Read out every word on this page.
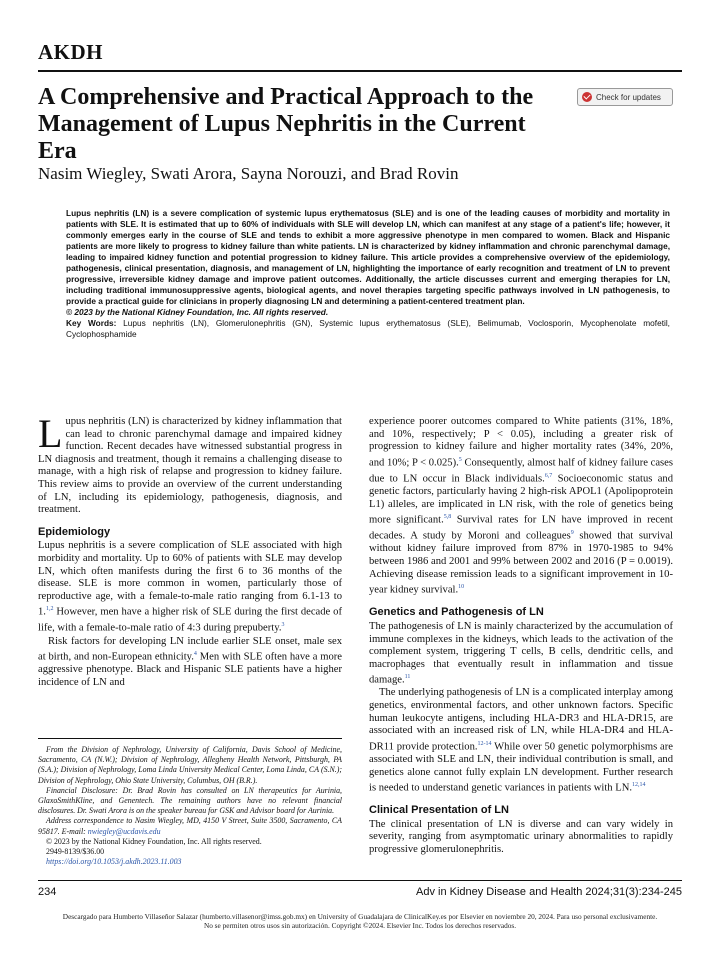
AKDH
A Comprehensive and Practical Approach to the Management of Lupus Nephritis in the Current Era
Check for updates
Nasim Wiegley, Swati Arora, Sayna Norouzi, and Brad Rovin

Lupus nephritis (LN) is a severe complication of systemic lupus erythematosus (SLE) and is one of the leading causes of morbidity and mortality in patients with SLE. It is estimated that up to 60% of individuals with SLE will develop LN, which can manifest at any stage of a patient's life; however, it commonly emerges early in the course of SLE and tends to exhibit a more aggressive phenotype in men compared to women. Black and Hispanic patients are more likely to progress to kidney failure than white patients. LN is characterized by kidney inflammation and chronic parenchymal damage, leading to impaired kidney function and potential progression to kidney failure. This article provides a comprehensive overview of the epidemiology, pathogenesis, clinical presentation, diagnosis, and management of LN, highlighting the importance of early recognition and treatment of LN to prevent progressive, irreversible kidney damage and improve patient outcomes. Additionally, the article discusses current and emerging therapies for LN, including traditional immunosuppressive agents, biological agents, and novel therapies targeting specific pathways involved in LN pathogenesis, to provide a practical guide for clinicians in properly diagnosing LN and determining a patient-centered treatment plan.

© 2023 by the National Kidney Foundation, Inc. All rights reserved.

Key Words: Lupus nephritis (LN), Glomerulonephritis (GN), Systemic lupus erythematosus (SLE), Belimumab, Voclosporin, Mycophenolate mofetil, Cyclophosphamide

Lupus nephritis (LN) is characterized by kidney inflammation that can lead to chronic parenchymal damage and impaired kidney function. Recent decades have witnessed substantial progress in LN diagnosis and treatment, though it remains a challenging disease to manage, with a high risk of relapse and progression to kidney failure. This review aims to provide an overview of the current understanding of LN, including its epidemiology, pathogenesis, diagnosis, and treatment.

Epidemiology

Lupus nephritis is a severe complication of SLE associated with high morbidity and mortality. Up to 60% of patients with SLE may develop LN, which often manifests during the first 6 to 36 months of the disease. SLE is more common in women, particularly those of reproductive age, with a female-to-male ratio ranging from 6.1-13 to 1.$^{1,2}$ However, men have a higher risk of SLE during the first decade of life, with a female-to-male ratio of 4:3 during prepuberty.$^3$

Risk factors for developing LN include earlier SLE onset, male sex at birth, and non-European ethnicity.$^4$ Men with SLE often have a more aggressive phenotype. Black and Hispanic SLE patients have a higher incidence of LN and

From the Division of Nephrology, University of California, Davis School of Medicine, Sacramento, CA (N.W.); Division of Nephrology, Allegheny Health Network, Pittsburgh, PA (S.A.); Division of Nephrology, Loma Linda University Medical Center, Loma Linda, CA (S.N.); Division of Nephrology, Ohio State University, Columbus, OH (B.R.).

Financial Disclosure: Dr. Brad Rovin has consulted on LN therapeutics for Aurinia, GlaxoSmithKline, and Genentech. The remaining authors have no relevant financial disclosures. Dr. Swati Arora is on the speaker bureau for GSK and Advisor board for Aurinia.

Address correspondence to Nasim Wiegley, MD, 4150 V Street, Suite 3500, Sacramento, CA 95817. E-mail: nwiegley@ucdavis.edu

© 2023 by the National Kidney Foundation, Inc. All rights reserved.

2949-8139/$36.00

https://doi.org/10.1053/j.akdh.2023.11.003

experience poorer outcomes compared to White patients (31%, 18%, and 10%, respectively; P < 0.05), including a greater risk of progression to kidney failure and higher mortality rates (34%, 20%, and 10%; P < 0.025).$^5$ Consequently, almost half of kidney failure cases due to LN occur in Black individuals.$^{6,7}$ Socioeconomic status and genetic factors, particularly having 2 high-risk APOL1 (Apolipoprotein L1) alleles, are implicated in LN risk, with the role of genetics being more significant.$^{5,8}$ Survival rates for LN have improved in recent decades. A study by Moroni and colleagues$^9$ showed that survival without kidney failure improved from 87% in 1970-1985 to 94% between 1986 and 2001 and 99% between 2002 and 2016 (P = 0.0019). Achieving disease remission leads to a significant improvement in 10-year kidney survival.$^{10}$

Genetics and Pathogenesis of LN

The pathogenesis of LN is mainly characterized by the accumulation of immune complexes in the kidneys, which leads to the activation of the complement system, triggering T cells, B cells, dendritic cells, and macrophages that eventually result in inflammation and tissue damage.$^{11}$

The underlying pathogenesis of LN is a complicated interplay among genetics, environmental factors, and other unknown factors. Specific human leukocyte antigens, including HLA-DR3 and HLA-DR15, are associated with an increased risk of LN, while HLA-DR4 and HLA-DR11 provide protection.$^{12-14}$ While over 50 genetic polymorphisms are associated with SLE and LN, their individual contribution is small, and genetics alone cannot fully explain LN development. Further research is needed to understand genetic variances in patients with LN.$^{12,14}$

Clinical Presentation of LN

The clinical presentation of LN is diverse and can vary widely in severity, ranging from asymptomatic urinary abnormalities to rapidly progressive glomerulonephritis.

234	Adv in Kidney Disease and Health 2024;31(3):234-245
Descargado para Humberto Villaseñor Salazar (humberto.villasenor@imss.gob.mx) en University of Guadalajara de ClinicalKey.es por Elsevier en noviembre 20, 2024. Para uso personal exclusivamente. No se permiten otros usos sin autorización. Copyright ©2024. Elsevier Inc. Todos los derechos reservados.
